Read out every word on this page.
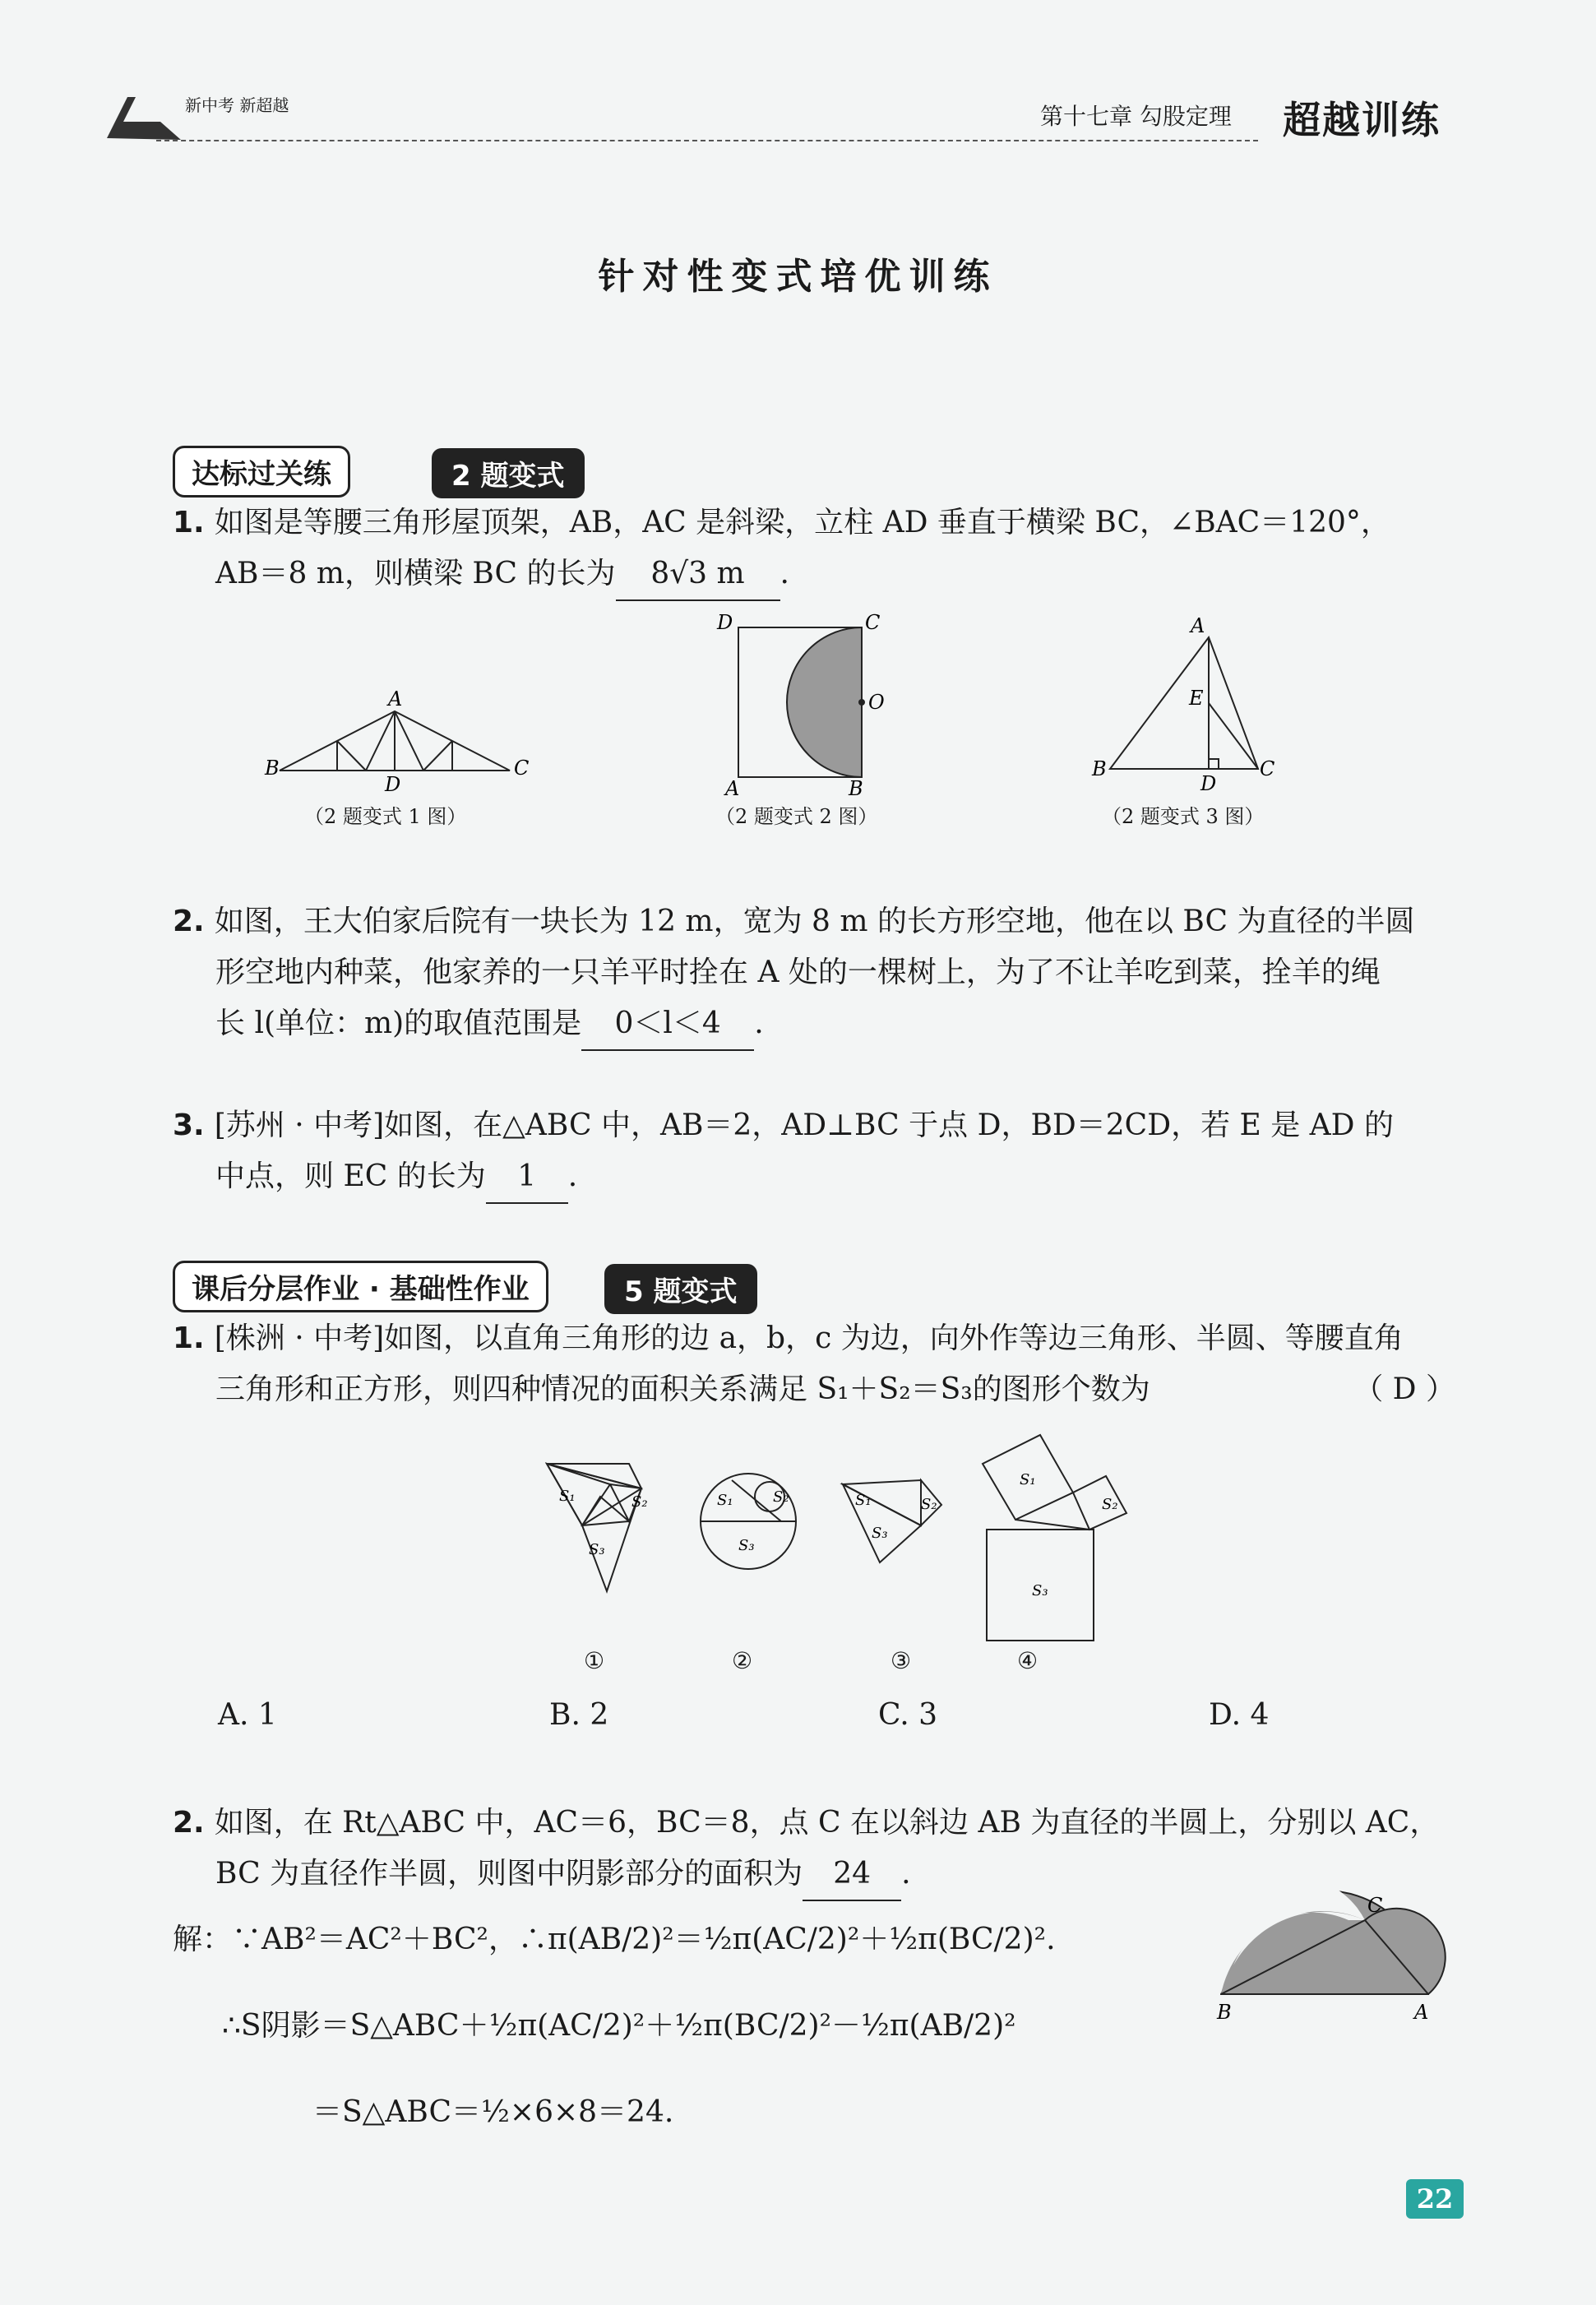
新中考 新超越	第十七章 勾股定理 超越训练
针对性变式培优训练
达标过关练	2 题变式
1. 如图是等腰三角形屋顶架，AB，AC 是斜梁，立柱 AD 垂直于横梁 BC，∠BAC＝120°，
AB＝8 m，则横梁 BC 的长为 8√3 m .
A
B
D
C
（2 题变式 1 图）
D	C
O
A	B
（2 题变式 2 图）
A
E
B
D
C
（2 题变式 3 图）
2. 如图，王大伯家后院有一块长为 12 m，宽为 8 m 的长方形空地，他在以 BC 为直径的半圆
形空地内种菜，他家养的一只羊平时拴在 A 处的一棵树上，为了不让羊吃到菜，拴羊的绳
长 l(单位：m)的取值范围是 0＜l＜4 .
3. [苏州 · 中考]如图，在△ABC 中，AB＝2，AD⊥BC 于点 D，BD＝2CD，若 E 是 AD 的
中点，则 EC 的长为 1 .
课后分层作业 · 基础性作业	5 题变式
1. [株洲 · 中考]如图，以直角三角形的边 a，b，c 为边，向外作等边三角形、半圆、等腰直角
三角形和正方形，则四种情况的面积关系满足 S₁＋S₂＝S₃的图形个数为	（ D ）
S₁	S₂
S₃
S₁	S₂
S₃
S₁	S₂
S₃
S₁
S₂
S₃
①	②	③	④
A. 1	B. 2	C. 3	D. 4
2. 如图，在 Rt△ABC 中，AC＝6，BC＝8，点 C 在以斜边 AB 为直径的半圆上，分别以 AC，
BC 为直径作半圆，则图中阴影部分的面积为 24 .
解：∵AB²＝AC²＋BC²，∴π(AB/2)²＝½π(AC/2)²＋½π(BC/2)².
∴S阴影＝S△ABC＋½π(AC/2)²＋½π(BC/2)²－½π(AB/2)²
＝S△ABC＝½×6×8＝24.
C
B	A
22
